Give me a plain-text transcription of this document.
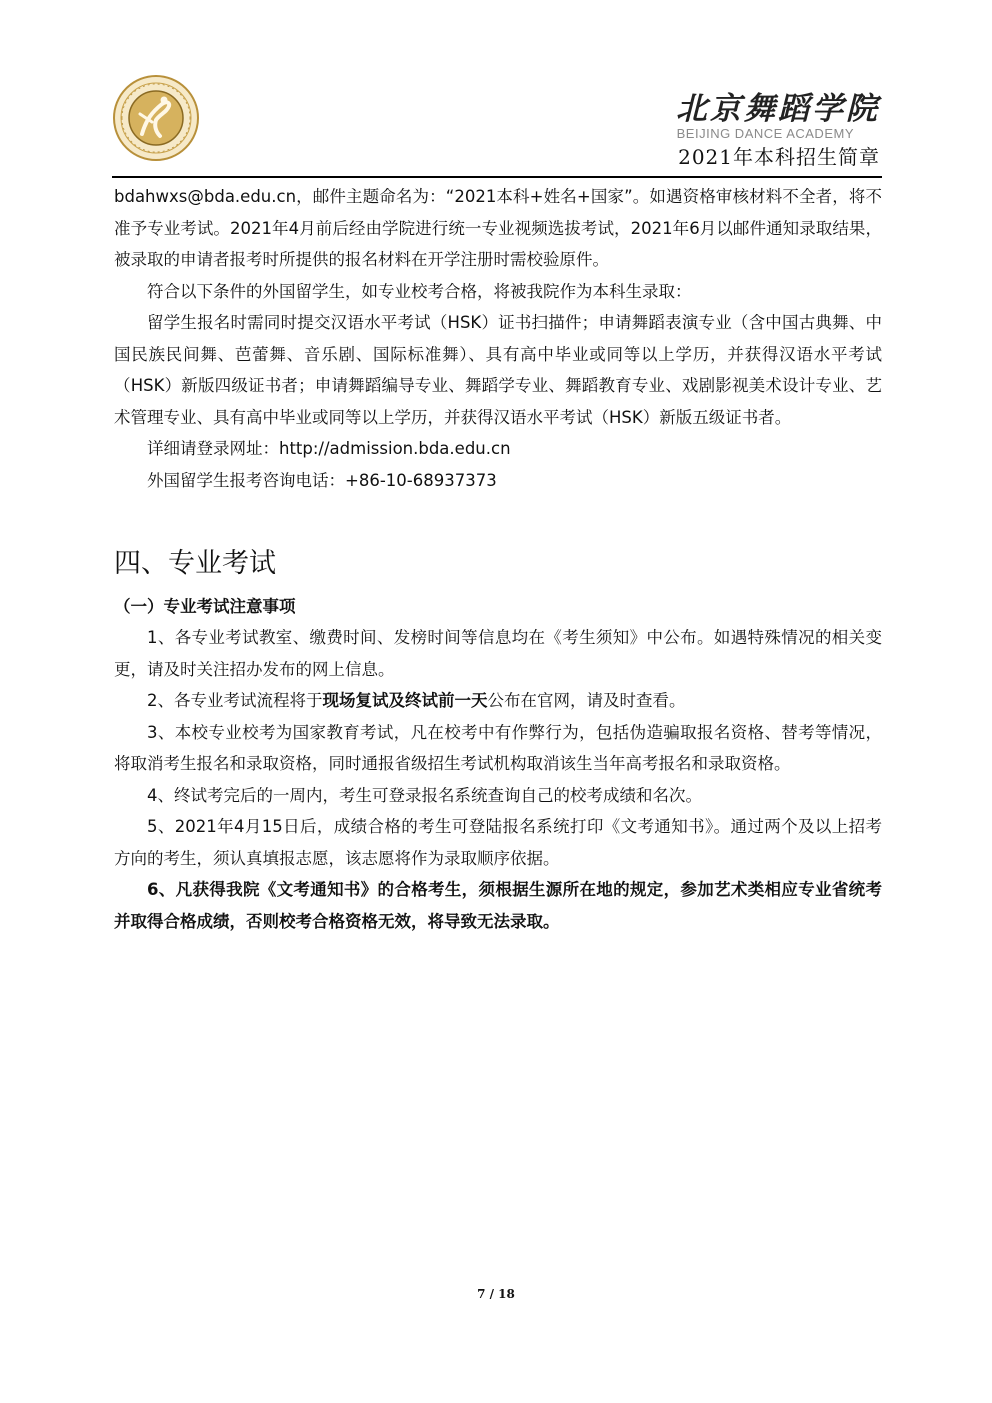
北京舞蹈学院
BEIJING DANCE ACADEMY
2021年本科招生简章

bdahwxs@bda.edu.cn，邮件主题命名为：“2021本科+姓名+国家”。如遇资格审核材料不全者，将不准予专业考试。2021年4月前后经由学院进行统一专业视频选拔考试，2021年6月以邮件通知录取结果，被录取的申请者报考时所提供的报名材料在开学注册时需校验原件。

符合以下条件的外国留学生，如专业校考合格，将被我院作为本科生录取：

留学生报名时需同时提交汉语水平考试（HSK）证书扫描件；申请舞蹈表演专业（含中国古典舞、中国民族民间舞、芭蕾舞、音乐剧、国际标准舞）、具有高中毕业或同等以上学历，并获得汉语水平考试（HSK）新版四级证书者；申请舞蹈编导专业、舞蹈学专业、舞蹈教育专业、戏剧影视美术设计专业、艺术管理专业、具有高中毕业或同等以上学历，并获得汉语水平考试（HSK）新版五级证书者。

详细请登录网址：http://admission.bda.edu.cn

外国留学生报考咨询电话：+86-10-68937373

四、专业考试
（一）专业考试注意事项

1、各专业考试教室、缴费时间、发榜时间等信息均在《考生须知》中公布。如遇特殊情况的相关变更，请及时关注招办发布的网上信息。

2、各专业考试流程将于现场复试及终试前一天公布在官网，请及时查看。

3、本校专业校考为国家教育考试，凡在校考中有作弊行为，包括伪造骗取报名资格、替考等情况，将取消考生报名和录取资格，同时通报省级招生考试机构取消该生当年高考报名和录取资格。

4、终试考完后的一周内，考生可登录报名系统查询自己的校考成绩和名次。

5、2021年4月15日后，成绩合格的考生可登陆报名系统打印《文考通知书》。通过两个及以上招考方向的考生，须认真填报志愿，该志愿将作为录取顺序依据。

6、凡获得我院《文考通知书》的合格考生，须根据生源所在地的规定，参加艺术类相应专业省统考并取得合格成绩，否则校考合格资格无效，将导致无法录取。

7 / 18
